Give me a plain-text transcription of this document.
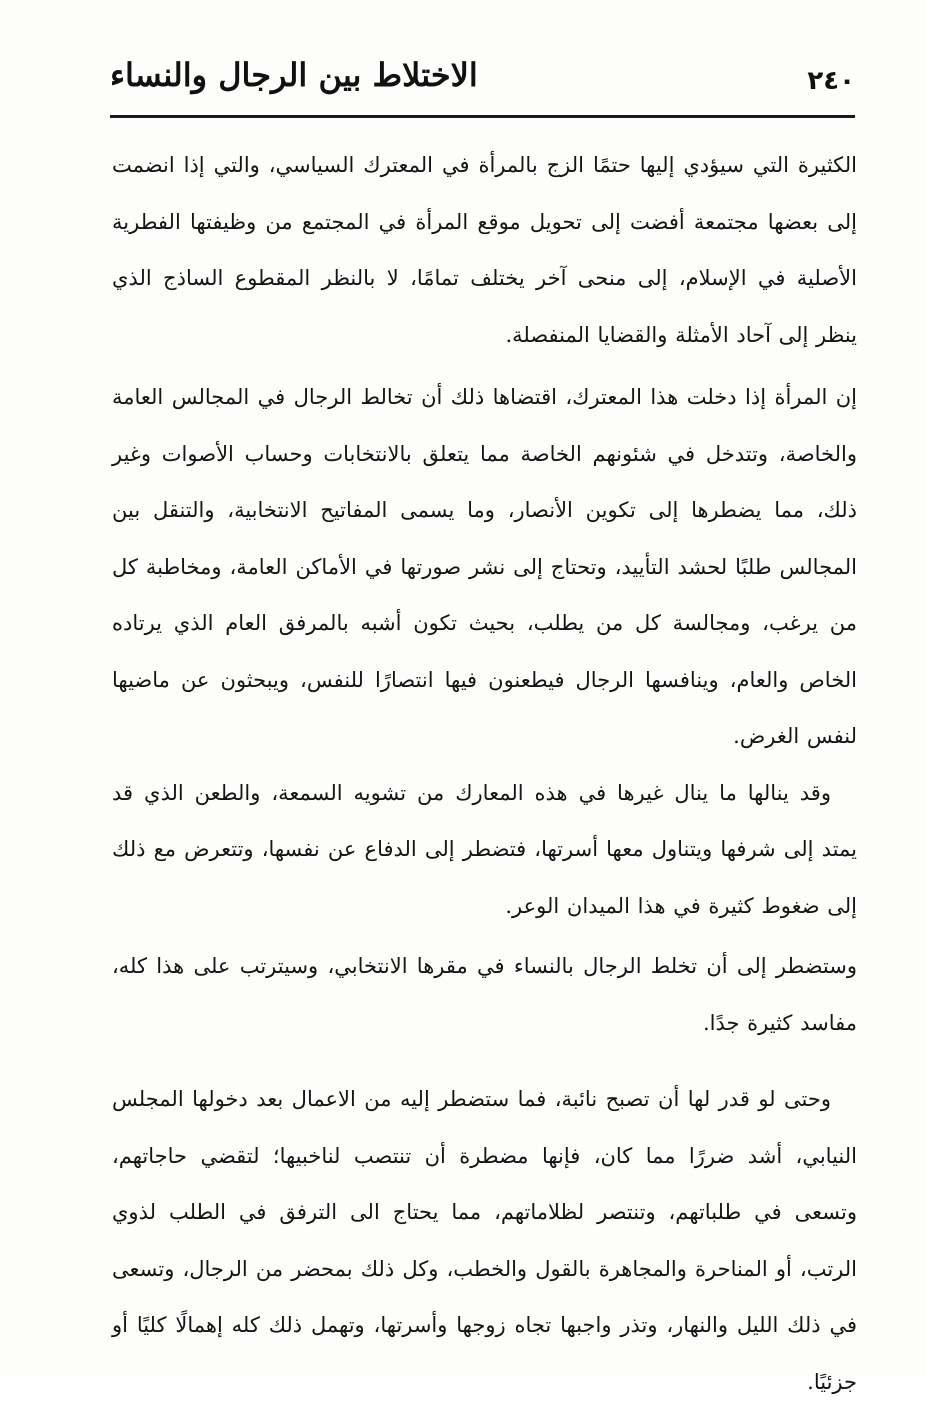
٢٤٠
الاختلاط بين الرجال والنساء

الكثيرة التي سيؤدي إليها حتمًا الزج بالمرأة في المعترك السياسي، والتي إذا انضمت إلى بعضها مجتمعة أفضت إلى تحويل موقع المرأة في المجتمع من وظيفتها الفطرية الأصلية في الإسلام، إلى منحى آخر يختلف تمامًا، لا بالنظر المقطوع الساذج الذي ينظر إلى آحاد الأمثلة والقضايا المنفصلة.

إن المرأة إذا دخلت هذا المعترك، اقتضاها ذلك أن تخالط الرجال في المجالس العامة والخاصة، وتتدخل في شئونهم الخاصة مما يتعلق بالانتخابات وحساب الأصوات وغير ذلك، مما يضطرها إلى تكوين الأنصار، وما يسمى المفاتيح الانتخابية، والتنقل بين المجالس طلبًا لحشد التأييد، وتحتاج إلى نشر صورتها في الأماكن العامة، ومخاطبة كل من يرغب، ومجالسة كل من يطلب، بحيث تكون أشبه بالمرفق العام الذي يرتاده الخاص والعام، وينافسها الرجال فيطعنون فيها انتصارًا للنفس، ويبحثون عن ماضيها لنفس الغرض.

وقد ينالها ما ينال غيرها في هذه المعارك من تشويه السمعة، والطعن الذي قد يمتد إلى شرفها ويتناول معها أسرتها، فتضطر إلى الدفاع عن نفسها، وتتعرض مع ذلك إلى ضغوط كثيرة في هذا الميدان الوعر.

وستضطر إلى أن تخلط الرجال بالنساء في مقرها الانتخابي، وسيترتب على هذا كله، مفاسد كثيرة جدًا.

وحتى لو قدر لها أن تصبح نائبة، فما ستضطر إليه من الاعمال بعد دخولها المجلس النيابي، أشد ضررًا مما كان، فإنها مضطرة أن تنتصب لناخبيها؛ لتقضي حاجاتهم، وتسعى في طلباتهم، وتنتصر لظلاماتهم، مما يحتاج الى الترفق في الطلب لذوي الرتب، أو المناحرة والمجاهرة بالقول والخطب، وكل ذلك بمحضر من الرجال، وتسعى في ذلك الليل والنهار، وتذر واجبها تجاه زوجها وأسرتها، وتهمل ذلك كله إهمالًا كليًا أو جزئيًا.
